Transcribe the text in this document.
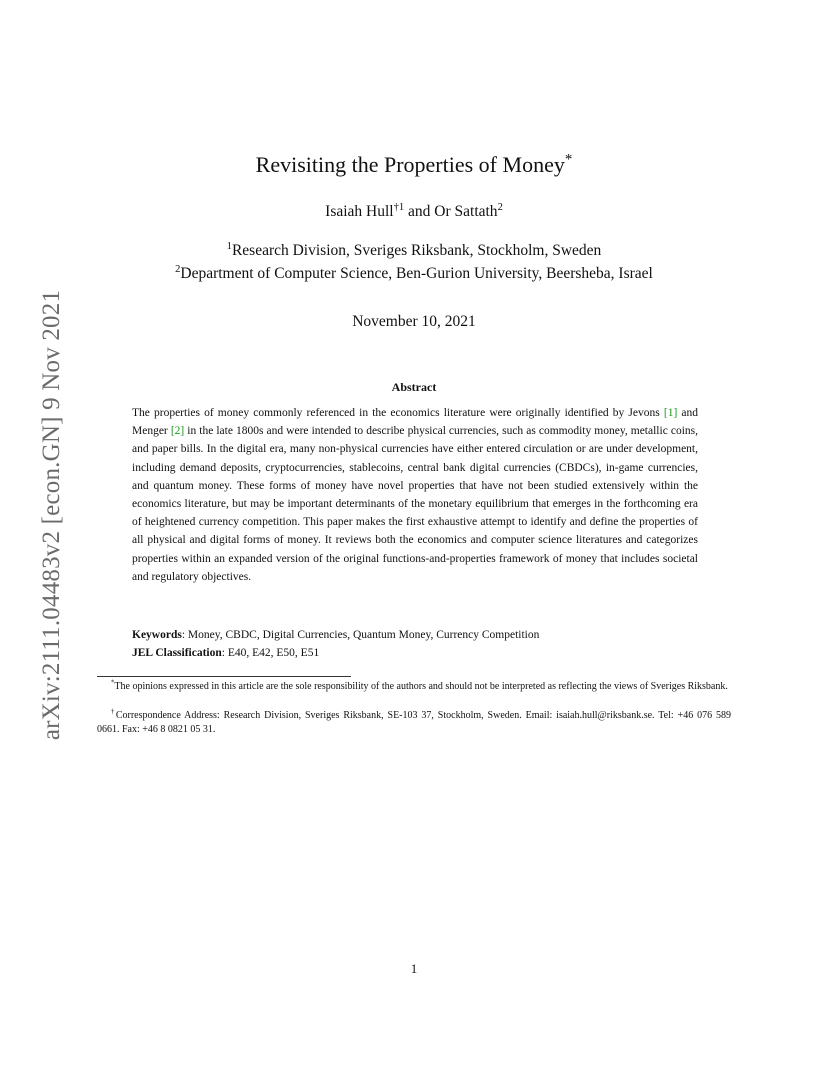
arXiv:2111.04483v2 [econ.GN] 9 Nov 2021
Revisiting the Properties of Money*
Isaiah Hull$^{\dagger 1}$ and Or Sattath$^2$
$^1$Research Division, Sveriges Riksbank, Stockholm, Sweden
$^2$Department of Computer Science, Ben-Gurion University, Beersheba, Israel
November 10, 2021
Abstract
The properties of money commonly referenced in the economics literature were originally identified by Jevons [1] and Menger [2] in the late 1800s and were intended to describe physical currencies, such as commodity money, metallic coins, and paper bills. In the digital era, many non-physical currencies have either entered circulation or are under development, including demand deposits, cryptocurrencies, stablecoins, central bank digital currencies (CBDCs), in-game currencies, and quantum money. These forms of money have novel properties that have not been studied extensively within the economics literature, but may be important determinants of the monetary equilibrium that emerges in the forthcoming era of heightened currency competition. This paper makes the first exhaustive attempt to identify and define the properties of all physical and digital forms of money. It reviews both the economics and computer science literatures and categorizes properties within an expanded version of the original functions-and-properties framework of money that includes societal and regulatory objectives.
Keywords: Money, CBDC, Digital Currencies, Quantum Money, Currency Competition
JEL Classification: E40, E42, E50, E51
*The opinions expressed in this article are the sole responsibility of the authors and should not be interpreted as reflecting the views of Sveriges Riksbank.
†Correspondence Address: Research Division, Sveriges Riksbank, SE-103 37, Stockholm, Sweden. Email: isaiah.hull@riksbank.se. Tel: +46 076 589 0661. Fax: +46 8 0821 05 31.
1
